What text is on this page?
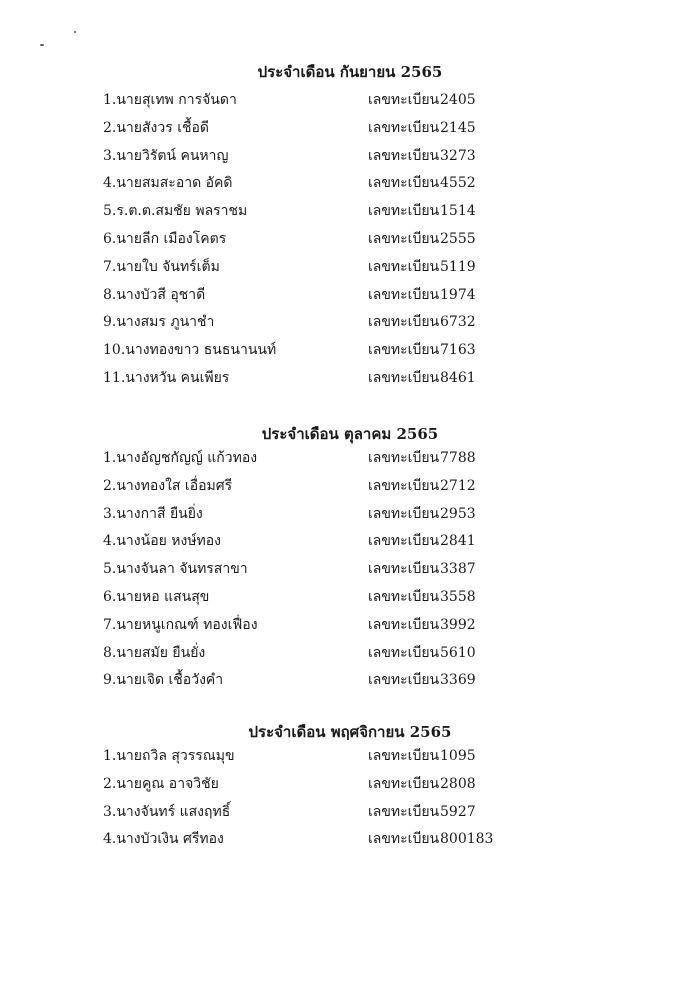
ประจำเดือน กันยายน 2565
1.นายสุเทพ การจันดา	เลขทะเบียน 2405
2.นายสังวร เชื้อดี	เลขทะเบียน 2145
3.นายวิรัตน์ คนหาญ	เลขทะเบียน 3273
4.นายสมสะอาด อัคดิ	เลขทะเบียน 4552
5.ร.ต.ต.สมชัย พลราชม	เลขทะเบียน 1514
6.นายลีก เมืองโคตร	เลขทะเบียน 2555
7.นายใบ จันทร์เต็ม	เลขทะเบียน 5119
8.นางบัวสี อุชาดี	เลขทะเบียน 1974
9.นางสมร ภูนาชำ	เลขทะเบียน 6732
10.นางทองขาว ธนธนานนท์	เลขทะเบียน 7163
11.นางหวัน คนเพียร	เลขทะเบียน 8461
ประจำเดือน ตุลาคม 2565
1.นางอัญชกัญญ์ แก้วทอง	เลขทะเบียน 7788
2.นางทองใส เอื่อมศรี	เลขทะเบียน 2712
3.นางกาสี ยืนยิ่ง	เลขทะเบียน 2953
4.นางน้อย หงษ์ทอง	เลขทะเบียน 2841
5.นางจันลา จันทรสาขา	เลขทะเบียน 3387
6.นายหอ แสนสุข	เลขทะเบียน 3558
7.นายหนูเกณฑ์ ทองเฟื่อง	เลขทะเบียน 3992
8.นายสมัย ยืนยั่ง	เลขทะเบียน 5610
9.นายเจิด เชื้อวังคำ	เลขทะเบียน 3369
ประจำเดือน พฤศจิกายน 2565
1.นายถวิล สุวรรณมุข	เลขทะเบียน 1095
2.นายคูณ อาจวิชัย	เลขทะเบียน 2808
3.นางจันทร์ แสงฤทธิ์	เลขทะเบียน 5927
4.นางบัวเงิน ศรีทอง	เลขทะเบียน 800183
